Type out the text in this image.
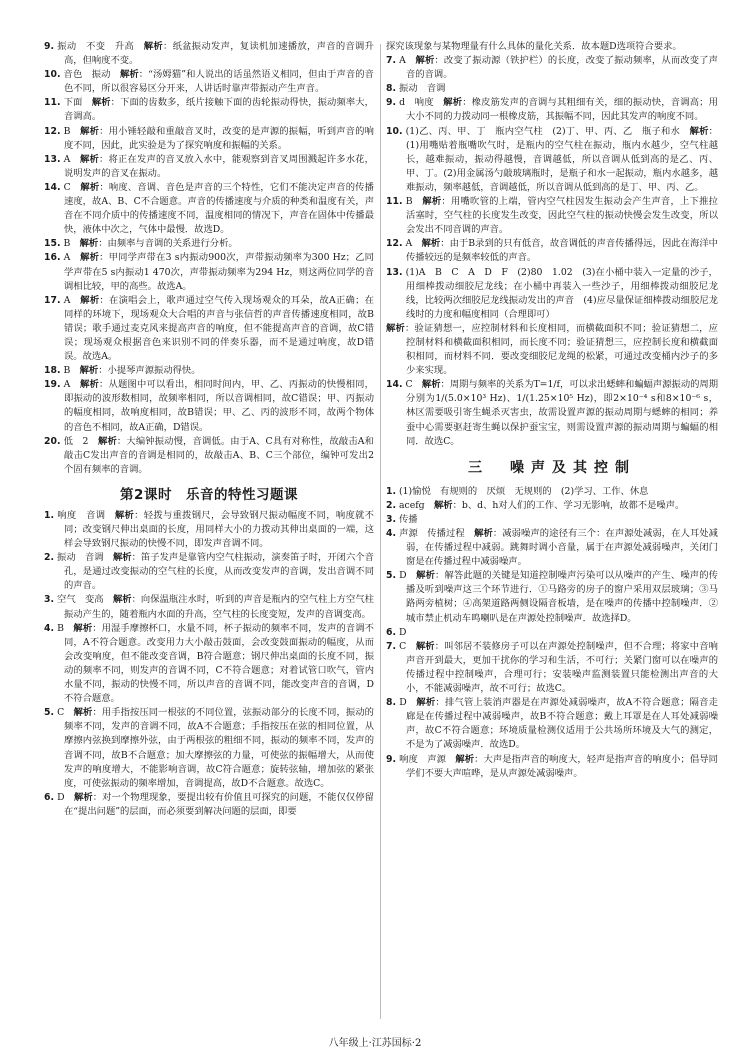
9. 振动　不变　升高　 解析：纸盆振动发声，复读机加速播放，声音的音调升高，但响度不变。

10. 音色　振动　 解析：“汤姆猫”和人说出的话虽然语义相同，但由于声音的音色不同，所以很容易区分开来，人讲话时靠声带振动产生声音。

11. 下面　 解析：下面的齿数多，纸片接触下面的齿轮振动得快，振动频率大，音调高。

12. B　 解析：用小锤轻敲和重敲音叉时，改变的是声源的振幅，听到声音的响度不同，因此，此实验是为了探究响度和振幅的关系。

13. A　 解析：将正在发声的音叉放入水中，能观察到音叉周围溅起许多水花，说明发声的音叉在振动。

14. C　 解析：响度、音调、音色是声音的三个特性，它们不能决定声音的传播速度，故A、B、C不合题意。声音的传播速度与介质的种类和温度有关，声音在不同介质中的传播速度不同，温度相同的情况下，声音在固体中传播最快，液体中次之，气体中最慢．故选D。

15. B　 解析：由频率与音调的关系进行分析。

16. A　 解析：甲同学声带在3 s内振动900次，声带振动频率为300 Hz；乙同学声带在5 s内振动1 470次，声带振动频率为294 Hz，则这两位同学的音调相比较，甲的高些。故选A。

17. A　 解析：在演唱会上，歌声通过空气传入现场观众的耳朵，故A正确；在同样的环境下，现场观众大合唱的声音与张信哲的声音传播速度相同，故B错误；歌手通过麦克风来提高声音的响度，但不能提高声音的音调，故C错误；现场观众根据音色来识别不同的伴奏乐器，而不是通过响度，故D错误。故选A。

18. B　 解析：小提琴声源振动得快。

19. A　 解析：从题图中可以看出，相同时间内，甲、乙、丙振动的快慢相同，即振动的波形数相同，故频率相同，所以音调相同，故C错误；甲、丙振动的幅度相同，故响度相同，故B错误；甲、乙、丙的波形不同，故两个物体的音色不相同，故A正确，D错误。

20. 低　2　 解析：大编钟振动慢，音调低。由于A、C具有对称性，故敲击A和敲击C发出声音的音调是相同的，故敲击A、B、C三个部位，编钟可发出2个固有频率的音调。

第2课时　乐音的特性习题课

1. 响度　音调　 解析：轻拨与重拨钢尺，会导致钢尺振动幅度不同，响度就不同；改变钢尺伸出桌面的长度，用同样大小的力拨动其伸出桌面的一端，这样会导致钢尺振动的快慢不同，即发声音调不同。

2. 振动　音调　 解析：笛子发声是靠管内空气柱振动，演奏笛子时，开闭六个音孔，是通过改变振动的空气柱的长度，从而改变发声的音调，发出音调不同的声音。

3. 空气　变高　 解析：向保温瓶注水时，听到的声音是瓶内的空气柱上方空气柱振动产生的，随着瓶内水面的升高，空气柱的长度变短，发声的音调变高。

4. B　 解析：用湿手摩擦杯口，水量不同，杯子振动的频率不同，发声的音调不同，A不符合题意。改变用力大小敲击鼓面，会改变鼓面振动的幅度，从而会改变响度，但不能改变音调，B符合题意；钢尺伸出桌面的长度不同，振动的频率不同，则发声的音调不同，C不符合题意；对着试管口吹气，管内水量不同，振动的快慢不同，所以声音的音调不同，能改变声音的音调，D不符合题意。

5. C　 解析：用手指按压同一根弦的不同位置，弦振动部分的长度不同，振动的频率不同，发声的音调不同，故A不合题意；手指按压在弦的相同位置，从摩擦内弦换到摩擦外弦，由于两根弦的粗细不同，振动的频率不同，发声的音调不同，故B不合题意；加大摩擦弦的力量，可使弦的振幅增大，从而使发声的响度增大，不能影响音调，故C符合题意；旋转弦轴，增加弦的紧张度，可使弦振动的频率增加，音调提高，故D不合题意。故选C。

6. D　 解析：对一个物理现象，要提出较有价值且可探究的问题，不能仅仅停留在“提出问题”的层面，而必须要到解决问题的层面，即要

探究该现象与某物理量有什么具体的量化关系．故本题D选项符合要求。

7. A　 解析：改变了振动源（铁护栏）的长度，改变了振动频率，从而改变了声音的音调。

8. 振动　音调

9. d　响度　 解析：橡皮筋发声的音调与其粗细有关，细的振动快，音调高；用大小不同的力拨动同一根橡皮筋，其振幅不同，因此其发声的响度不同。

10. (1)乙、丙、甲、丁　瓶内空气柱　(2)丁、甲、丙、乙　瓶子和水　 解析：(1)用嘴贴着瓶嘴吹气时，是瓶内的空气柱在振动，瓶内水越少，空气柱越长，越难振动，振动得越慢，音调越低，所以音调从低到高的是乙、丙、甲、丁。(2)用金属汤勺敲玻璃瓶时，是瓶子和水一起振动，瓶内水越多，越难振动，频率越低，音调越低，所以音调从低到高的是丁、甲、丙、乙。

11. B　 解析：用嘴吹管的上端，管内空气柱因发生振动会产生声音，上下推拉活塞时，空气柱的长度发生改变，因此空气柱的振动快慢会发生改变，所以会发出不同音调的声音。

12. A　 解析：由于B录到的只有低音，故音调低的声音传播得远，因此在海洋中传播较远的是频率较低的声音。

13. (1)A　B　C　A　D　F　(2)80　1.02　(3)在小桶中装入一定量的沙子，用细棒拨动细胶尼龙线；在小桶中再装入一些沙子，用细棒拨动细胶尼龙线，比较两次细胶尼龙线振动发出的声音　(4)应尽量保证细棒拨动细胶尼龙线时的力度和幅度相同（合理即可）

解析：验证猜想一，应控制材料和长度相同，而横截面积不同；验证猜想二，应控制材料和横截面积相同，而长度不同；验证猜想三，应控制长度和横截面积相同，而材料不同．要改变细胶尼龙绳的松紧，可通过改变桶内沙子的多少来实现。

14. C　 解析：周期与频率的关系为T=1/f，可以求出蟋蟀和蝙蝠声源振动的周期分别为1/(5.0×10³ Hz)、1/(1.25×10⁵ Hz)，即2×10⁻⁴ s和8×10⁻⁶ s，林区需要吸引寄生蝇杀灭害虫，故需设置声源的振动周期与蟋蟀的相同；养蚕中心需要驱赶寄生蝇以保护蚕宝宝，则需设置声源的振动周期与蝙蝠的相同．故选C。

三　噪声及其控制

1. (1)愉悦　有规则的　厌烦　无规则的　(2)学习、工作、休息

2. acefg　 解析：b、d、h对人们的工作、学习无影响，故都不是噪声。

3. 传播

4. 声源　传播过程　 解析：减弱噪声的途径有三个：在声源处减弱，在人耳处减弱，在传播过程中减弱。跳舞时调小音量，属于在声源处减弱噪声，关闭门窗是在传播过程中减弱噪声。

5. D　 解析：解答此题的关键是知道控制噪声污染可以从噪声的产生、噪声的传播及听到噪声这三个环节进行．①马路旁的房子的窗户采用双层玻璃；③马路两旁植树；④高架道路两侧设隔音板墙，是在噪声的传播中控制噪声．②城市禁止机动车鸣喇叭是在声源处控制噪声．故选择D。

6. D

7. C　 解析：叫邻居不装修房子可以在声源处控制噪声，但不合理；将家中音响声音开到最大，更加干扰你的学习和生活，不可行；关紧门窗可以在噪声的传播过程中控制噪声，合理可行；安装噪声监测装置只能检测出声音的大小，不能减弱噪声，故不可行；故选C。

8. D　 解析：排气管上装消声器是在声源处减弱噪声，故A不符合题意；隔音走廊是在传播过程中减弱噪声，故B不符合题意；戴上耳罩是在人耳处减弱噪声，故C不符合题意；环境质量检测仪适用于公共场所环境及大气的测定，不是为了减弱噪声．故选D。

9. 响度　声源　 解析：大声是指声音的响度大，轻声是指声音的响度小；倡导同学们不要大声喧哗，是从声源处减弱噪声。

八年级上·江苏国标·2
